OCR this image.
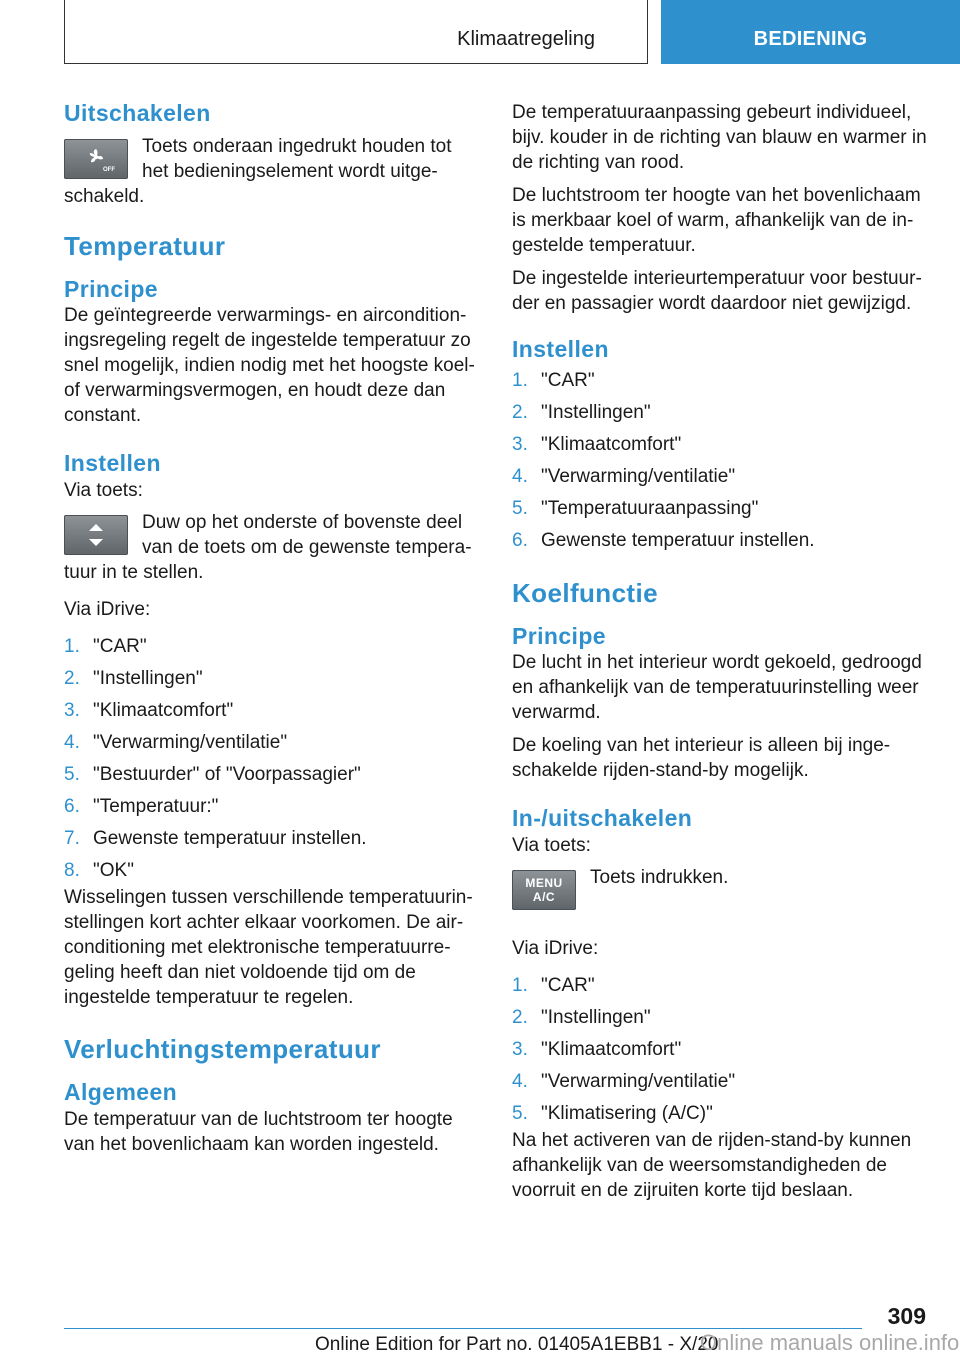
Klimaatregeling	BEDIENING
Uitschakelen
OFF
Toets onderaan ingedrukt houden tot het bedieningselement wordt uitge-schakeld.
Temperatuur
Principe

De geïntegreerde verwarmings- en aircondition-ingsregeling regelt de ingestelde temperatuur zo snel mogelijk, indien nodig met het hoogste koel- of verwarmingsvermogen, en houdt deze dan constant.

Instellen

Via toets:

Duw op het onderste of bovenste deel van de toets om de gewenste tempera-tuur in te stellen.

Via iDrive:

1. "CAR"
2. "Instellingen"
3. "Klimaatcomfort"
4. "Verwarming/ventilatie"
5. "Bestuurder" of "Voorpassagier"
6. "Temperatuur:"
7. Gewenste temperatuur instellen.
8. "OK"

Wisselingen tussen verschillende temperatuurin-stellingen kort achter elkaar voorkomen. De air-conditioning met elektronische temperatuurre-geling heeft dan niet voldoende tijd om de ingestelde temperatuur te regelen.

Verluchtingstemperatuur
Algemeen

De temperatuur van de luchtstroom ter hoogte van het bovenlichaam kan worden ingesteld.

De temperatuuraanpassing gebeurt individueel, bijv. kouder in de richting van blauw en warmer in de richting van rood.

De luchtstroom ter hoogte van het bovenlichaam is merkbaar koel of warm, afhankelijk van de in-gestelde temperatuur.

De ingestelde interieurtemperatuur voor bestuur-der en passagier wordt daardoor niet gewijzigd.

Instellen
1. "CAR"
2. "Instellingen"
3. "Klimaatcomfort"
4. "Verwarming/ventilatie"
5. "Temperatuuraanpassing"
6. Gewenste temperatuur instellen.
Koelfunctie
Principe

De lucht in het interieur wordt gekoeld, gedroogd en afhankelijk van de temperatuurinstelling weer verwarmd.

De koeling van het interieur is alleen bij inge-schakelde rijden-stand-by mogelijk.

In-/uitschakelen

Via toets:

MENU
A/C
Toets indrukken.

Via iDrive:

1. "CAR"
2. "Instellingen"
3. "Klimaatcomfort"
4. "Verwarming/ventilatie"
5. "Klimatisering (A/C)"

Na het activeren van de rijden-stand-by kunnen afhankelijk van de weersomstandigheden de voorruit en de zijruiten korte tijd beslaan.

309
Online Edition for Part no. 01405A1EBB1 - X/20
Online manuals online.info
